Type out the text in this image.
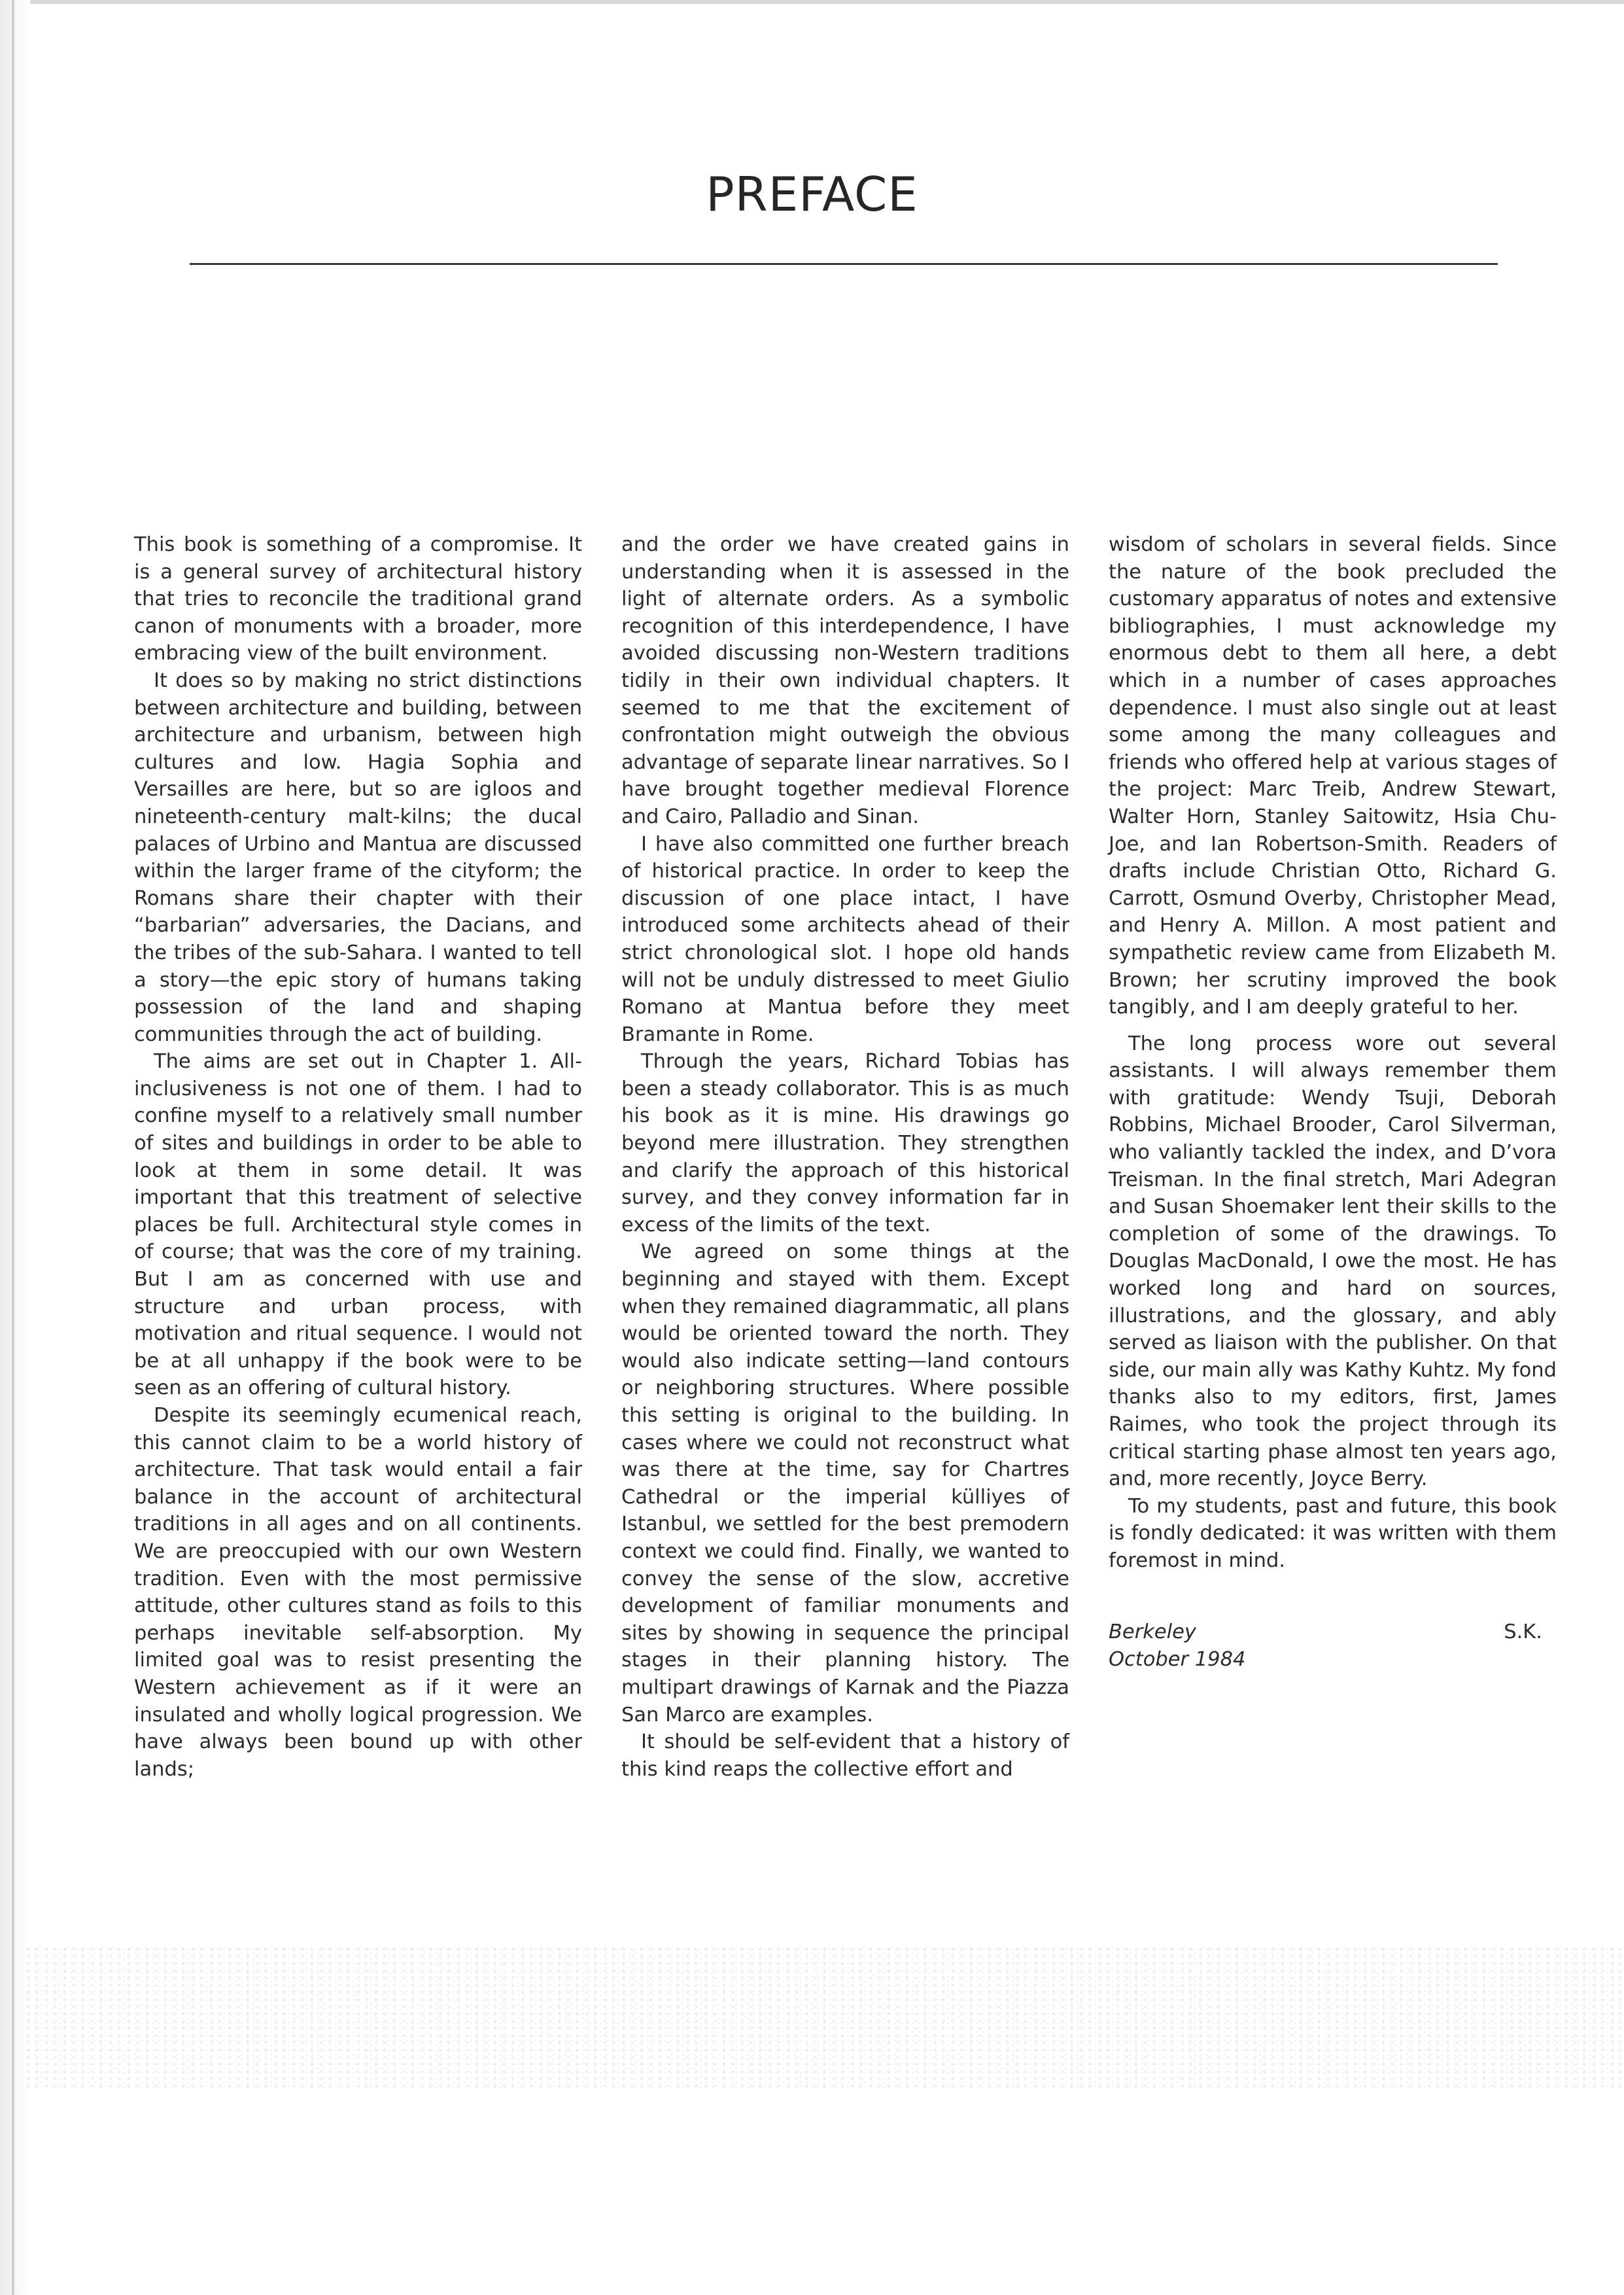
PREFACE

This book is something of a compromise. It is a general survey of architectural history that tries to reconcile the traditional grand canon of monuments with a broader, more embracing view of the built environment.

It does so by making no strict distinctions between architecture and building, between architecture and urbanism, between high cultures and low. Hagia Sophia and Versailles are here, but so are igloos and nineteenth-century malt-kilns; the ducal palaces of Urbino and Mantua are discussed within the larger frame of the cityform; the Romans share their chapter with their “barbarian” adversaries, the Dacians, and the tribes of the sub-Sahara. I wanted to tell a story—the epic story of humans taking possession of the land and shaping communities through the act of building.

The aims are set out in Chapter 1. All-inclusiveness is not one of them. I had to confine myself to a relatively small number of sites and buildings in order to be able to look at them in some detail. It was important that this treatment of selective places be full. Architectural style comes in of course; that was the core of my training. But I am as concerned with use and structure and urban process, with motivation and ritual sequence. I would not be at all unhappy if the book were to be seen as an offering of cultural history.

Despite its seemingly ecumenical reach, this cannot claim to be a world history of architecture. That task would entail a fair balance in the account of architectural traditions in all ages and on all continents. We are preoccupied with our own Western tradition. Even with the most permissive attitude, other cultures stand as foils to this perhaps inevitable self-absorption. My limited goal was to resist presenting the Western achievement as if it were an insulated and wholly logical progression. We have always been bound up with other lands;

and the order we have created gains in understanding when it is assessed in the light of alternate orders. As a symbolic recognition of this interdependence, I have avoided discussing non-Western traditions tidily in their own individual chapters. It seemed to me that the excitement of confrontation might outweigh the obvious advantage of separate linear narratives. So I have brought together medieval Florence and Cairo, Palladio and Sinan.

I have also committed one further breach of historical practice. In order to keep the discussion of one place intact, I have introduced some architects ahead of their strict chronological slot. I hope old hands will not be unduly distressed to meet Giulio Romano at Mantua before they meet Bramante in Rome.

Through the years, Richard Tobias has been a steady collaborator. This is as much his book as it is mine. His drawings go beyond mere illustration. They strengthen and clarify the approach of this historical survey, and they convey information far in excess of the limits of the text.

We agreed on some things at the beginning and stayed with them. Except when they remained diagrammatic, all plans would be oriented toward the north. They would also indicate setting—land contours or neighboring structures. Where possible this setting is original to the building. In cases where we could not reconstruct what was there at the time, say for Chartres Cathedral or the imperial külliyes of Istanbul, we settled for the best premodern context we could find. Finally, we wanted to convey the sense of the slow, accretive development of familiar monuments and sites by showing in sequence the principal stages in their planning history. The multipart drawings of Karnak and the Piazza San Marco are examples.

It should be self-evident that a history of this kind reaps the collective effort and

wisdom of scholars in several fields. Since the nature of the book precluded the customary apparatus of notes and extensive bibliographies, I must acknowledge my enormous debt to them all here, a debt which in a number of cases approaches dependence. I must also single out at least some among the many colleagues and friends who offered help at various stages of the project: Marc Treib, Andrew Stewart, Walter Horn, Stanley Saitowitz, Hsia Chu-Joe, and Ian Robertson-Smith. Readers of drafts include Christian Otto, Richard G. Carrott, Osmund Overby, Christopher Mead, and Henry A. Millon. A most patient and sympathetic review came from Elizabeth M. Brown; her scrutiny improved the book tangibly, and I am deeply grateful to her.

The long process wore out several assistants. I will always remember them with gratitude: Wendy Tsuji, Deborah Robbins, Michael Brooder, Carol Silverman, who valiantly tackled the index, and D’vora Treisman. In the final stretch, Mari Adegran and Susan Shoemaker lent their skills to the completion of some of the drawings. To Douglas MacDonald, I owe the most. He has worked long and hard on sources, illustrations, and the glossary, and ably served as liaison with the publisher. On that side, our main ally was Kathy Kuhtz. My fond thanks also to my editors, first, James Raimes, who took the project through its critical starting phase almost ten years ago, and, more recently, Joyce Berry.

To my students, past and future, this book is fondly dedicated: it was written with them foremost in mind.

Berkeley
October 1984
S.K.
